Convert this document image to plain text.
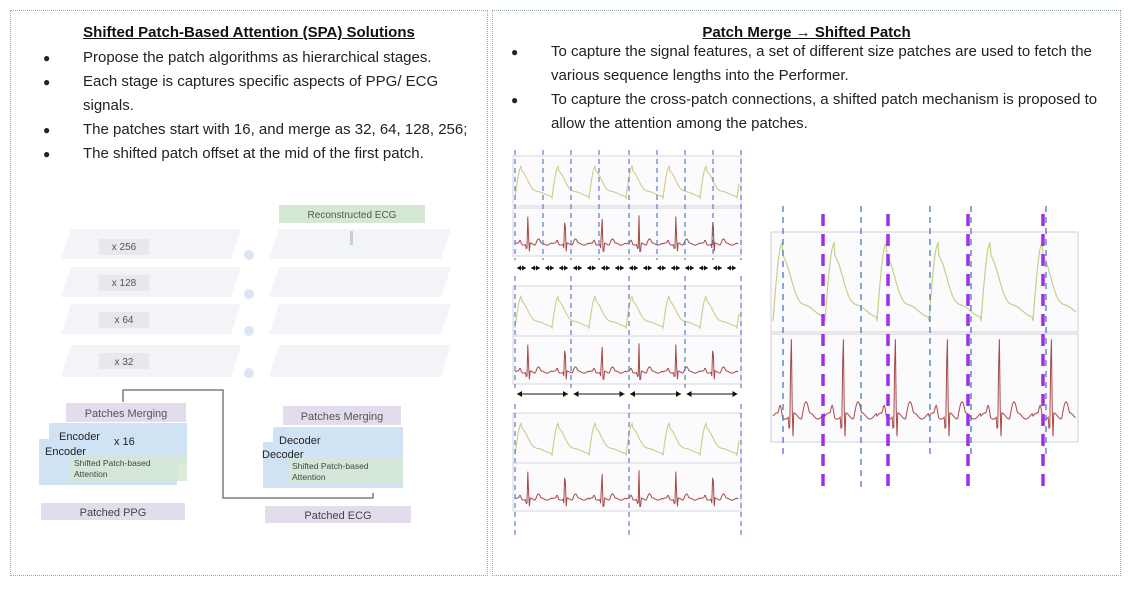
Shifted Patch-Based Attention (SPA) Solutions
● Propose the patch algorithms as hierarchical stages.
● Each stage is captures specific aspects of PPG/ ECG signals.
● The patches start with 16, and merge as 32, 64, 128, 256;
● The shifted patch offset at the mid of the first patch.
Reconstructed ECG
x 256
x 128
x 64
x 32
Patches Merging
Encoder x 16
Encoder
Shifted Patch-based
Attention
Patched PPG
Patches Merging
Decoder
Decoder
Shifted Patch-based
Attention
Patched ECG
Patch Merge → Shifted Patch
● To capture the signal features, a set of different size patches are used to fetch the various sequence lengths into the Performer.
● To capture the cross-patch connections, a shifted patch mechanism is proposed to allow the attention among the patches.
